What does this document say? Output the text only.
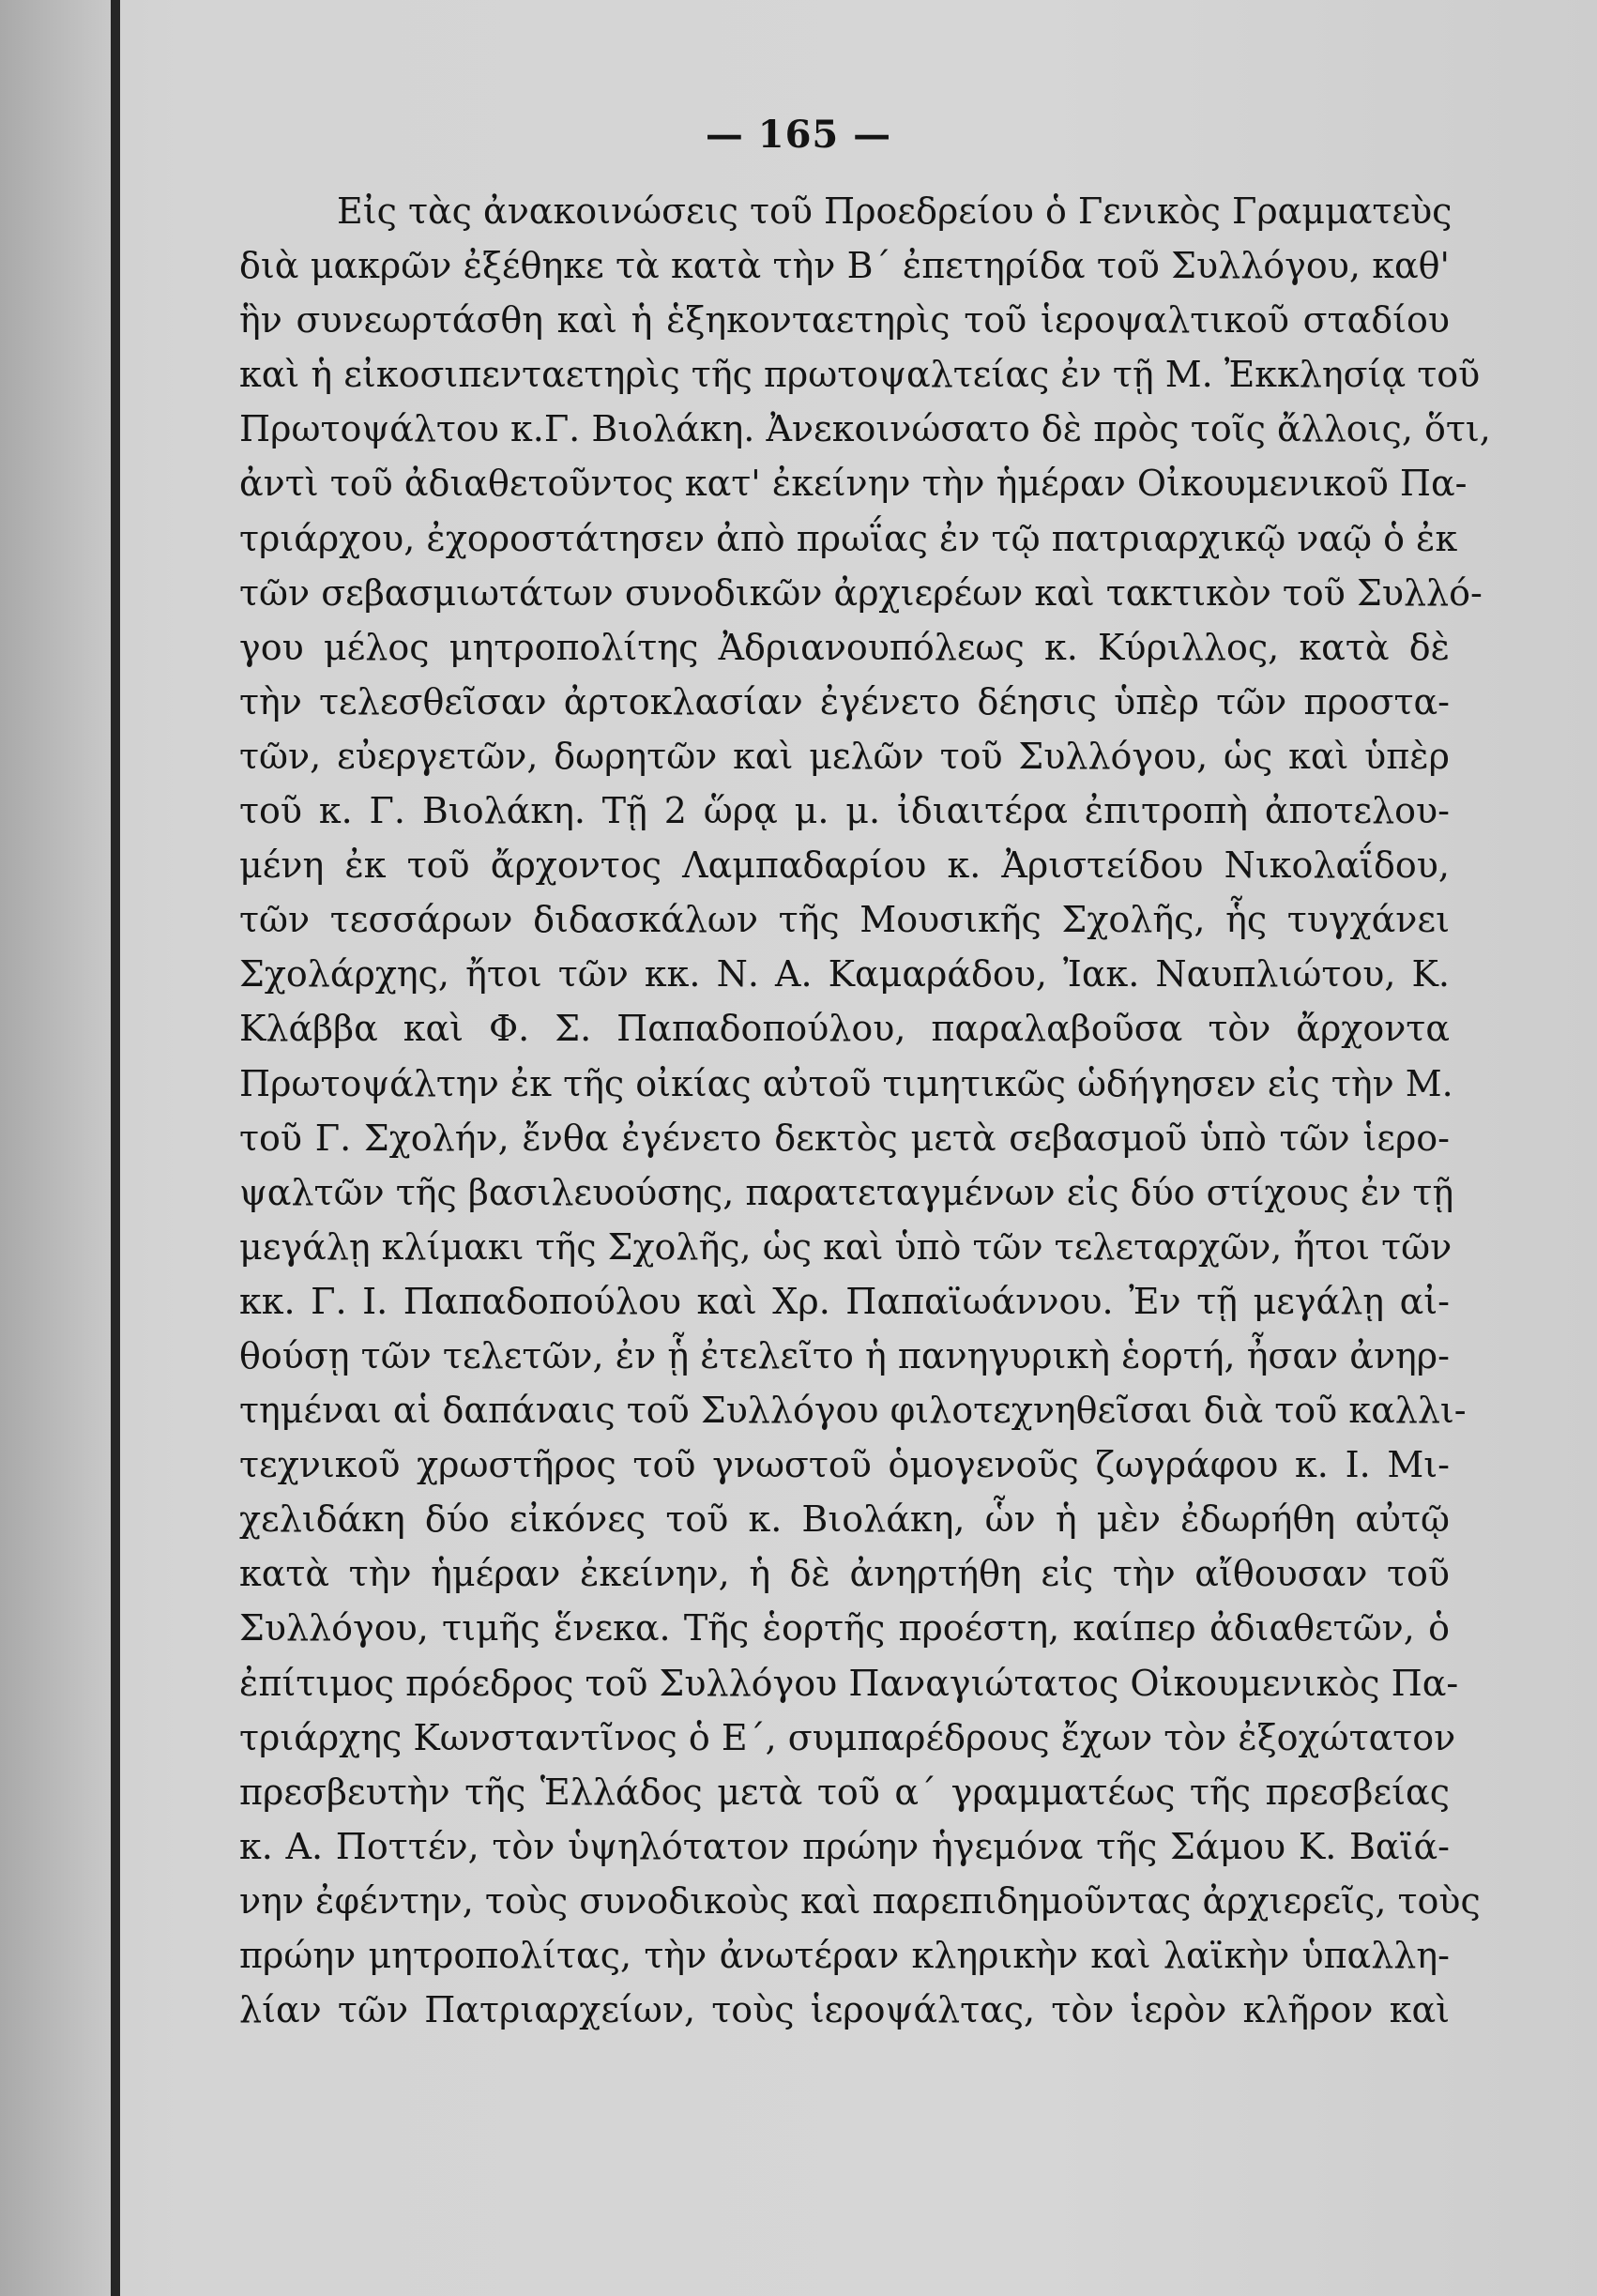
— 165 —
Εἰς τὰς ἀνακοινώσεις τοῦ Προεδρείου ὁ Γενικὸς Γραμματεὺς
διὰ μακρῶν ἐξέθηκε τὰ κατὰ τὴν Β΄ ἐπετηρίδα τοῦ Συλλόγου, καθ'
ἣν συνεωρτάσθη καὶ ἡ ἑξηκονταετηρὶς τοῦ ἱεροψαλτικοῦ σταδίου
καὶ ἡ εἰκοσιπενταετηρὶς τῆς πρωτοψαλτείας ἐν τῇ Μ. Ἐκκλησίᾳ τοῦ
Πρωτοψάλτου κ.Γ. Βιολάκη. Ἀνεκοινώσατο δὲ πρὸς τοῖς ἄλλοις, ὅτι,
ἀντὶ τοῦ ἀδιαθετοῦντος κατ' ἐκείνην τὴν ἡμέραν Οἰκουμενικοῦ Πα-
τριάρχου, ἐχοροστάτησεν ἀπὸ πρωΐας ἐν τῷ πατριαρχικῷ ναῷ ὁ ἐκ
τῶν σεβασμιωτάτων συνοδικῶν ἀρχιερέων καὶ τακτικὸν τοῦ Συλλό-
γου μέλος μητροπολίτης Ἀδριανουπόλεως κ. Κύριλλος, κατὰ δὲ
τὴν τελεσθεῖσαν ἀρτοκλασίαν ἐγένετο δέησις ὑπὲρ τῶν προστα-
τῶν, εὐεργετῶν, δωρητῶν καὶ μελῶν τοῦ Συλλόγου, ὡς καὶ ὑπὲρ
τοῦ κ. Γ. Βιολάκη. Τῇ 2 ὥρᾳ μ. μ. ἰδιαιτέρα ἐπιτροπὴ ἀποτελου-
μένη ἐκ τοῦ ἄρχοντος Λαμπαδαρίου κ. Ἀριστείδου Νικολαΐδου,
τῶν τεσσάρων διδασκάλων τῆς Μουσικῆς Σχολῆς, ἧς τυγχάνει
Σχολάρχης, ἤτοι τῶν κκ. Ν. Α. Καμαράδου, Ἰακ. Ναυπλιώτου, Κ.
Κλάββα καὶ Φ. Σ. Παπαδοπούλου, παραλαβοῦσα τὸν ἄρχοντα
Πρωτοψάλτην ἐκ τῆς οἰκίας αὐτοῦ τιμητικῶς ὡδήγησεν εἰς τὴν Μ.
τοῦ Γ. Σχολήν, ἔνθα ἐγένετο δεκτὸς μετὰ σεβασμοῦ ὑπὸ τῶν ἱερο-
ψαλτῶν τῆς βασιλευούσης, παρατεταγμένων εἰς δύο στίχους ἐν τῇ
μεγάλῃ κλίμακι τῆς Σχολῆς, ὡς καὶ ὑπὸ τῶν τελεταρχῶν, ἤτοι τῶν
κκ. Γ. Ι. Παπαδοπούλου καὶ Χρ. Παπαϊωάννου. Ἐν τῇ μεγάλῃ αἰ-
θούσῃ τῶν τελετῶν, ἐν ᾗ ἐτελεῖτο ἡ πανηγυρικὴ ἑορτή, ἦσαν ἀνηρ-
τημέναι αἱ δαπάναις τοῦ Συλλόγου φιλοτεχνηθεῖσαι διὰ τοῦ καλλι-
τεχνικοῦ χρωστῆρος τοῦ γνωστοῦ ὁμογενοῦς ζωγράφου κ. Ι. Μι-
χελιδάκη δύο εἰκόνες τοῦ κ. Βιολάκη, ὧν ἡ μὲν ἐδωρήθη αὐτῷ
κατὰ τὴν ἡμέραν ἐκείνην, ἡ δὲ ἀνηρτήθη εἰς τὴν αἴθουσαν τοῦ
Συλλόγου, τιμῆς ἕνεκα. Τῆς ἑορτῆς προέστη, καίπερ ἀδιαθετῶν, ὁ
ἐπίτιμος πρόεδρος τοῦ Συλλόγου Παναγιώτατος Οἰκουμενικὸς Πα-
τριάρχης Κωνσταντῖνος ὁ Ε΄, συμπαρέδρους ἔχων τὸν ἐξοχώτατον
πρεσβευτὴν τῆς Ἑλλάδος μετὰ τοῦ α΄ γραμματέως τῆς πρεσβείας
κ. Α. Ποττέν, τὸν ὑψηλότατον πρώην ἡγεμόνα τῆς Σάμου Κ. Βαϊά-
νην ἐφέντην, τοὺς συνοδικοὺς καὶ παρεπιδημοῦντας ἀρχιερεῖς, τοὺς
πρώην μητροπολίτας, τὴν ἀνωτέραν κληρικὴν καὶ λαϊκὴν ὑπαλλη-
λίαν τῶν Πατριαρχείων, τοὺς ἱεροψάλτας, τὸν ἱερὸν κλῆρον καὶ
